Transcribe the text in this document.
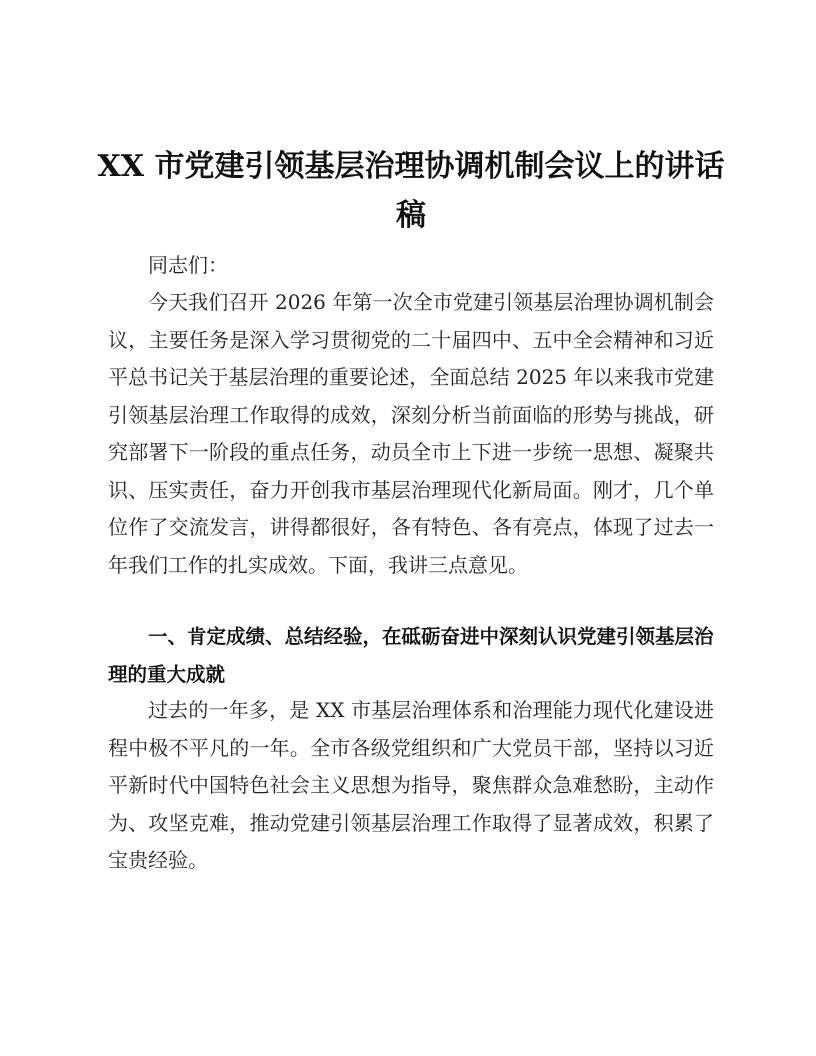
XX 市党建引领基层治理协调机制会议上的讲话
稿

同志们：

今天我们召开 2026 年第一次全市党建引领基层治理协调机制会议，主要任务是深入学习贯彻党的二十届四中、五中全会精神和习近平总书记关于基层治理的重要论述，全面总结 2025 年以来我市党建引领基层治理工作取得的成效，深刻分析当前面临的形势与挑战，研究部署下一阶段的重点任务，动员全市上下进一步统一思想、凝聚共识、压实责任，奋力开创我市基层治理现代化新局面。刚才，几个单位作了交流发言，讲得都很好，各有特色、各有亮点，体现了过去一年我们工作的扎实成效。下面，我讲三点意见。

一、肯定成绩、总结经验，在砥砺奋进中深刻认识党建引领基层治理的重大成就

过去的一年多，是 XX 市基层治理体系和治理能力现代化建设进程中极不平凡的一年。全市各级党组织和广大党员干部，坚持以习近平新时代中国特色社会主义思想为指导，聚焦群众急难愁盼，主动作为、攻坚克难，推动党建引领基层治理工作取得了显著成效，积累了宝贵经验。
